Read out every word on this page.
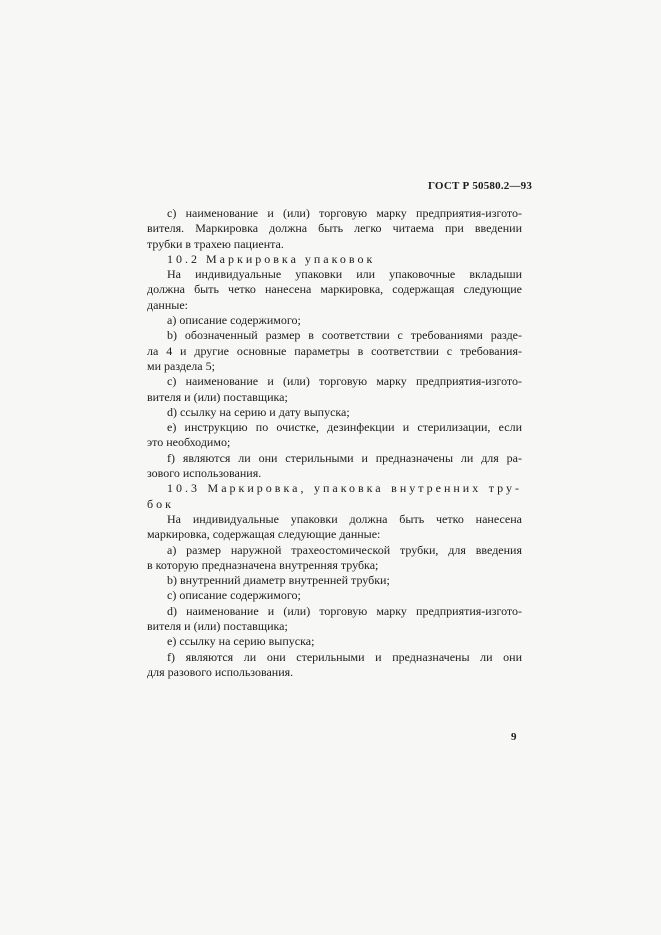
ГОСТ Р 50580.2—93
c) наименование и (или) торговую марку предприятия-изгото-
вителя. Маркировка должна быть легко читаема при введении
трубки в трахею пациента.
10.2 Маркировка упаковок
На индивидуальные упаковки или упаковочные вкладыши
должна быть четко нанесена маркировка, содержащая следующие
данные:
a) описание содержимого;
b) обозначенный размер в соответствии с требованиями разде-
ла 4 и другие основные параметры в соответствии с требования-
ми раздела 5;
c) наименование и (или) торговую марку предприятия-изгото-
вителя и (или) поставщика;
d) ссылку на серию и дату выпуска;
e) инструкцию по очистке, дезинфекции и стерилизации, если
это необходимо;
f) являются ли они стерильными и предназначены ли для ра-
зового использования.
10.3 Маркировка, упаковка внутренних тру-
бок
На индивидуальные упаковки должна быть четко нанесена
маркировка, содержащая следующие данные:
a) размер наружной трахеостомической трубки, для введения
в которую предназначена внутренняя трубка;
b) внутренний диаметр внутренней трубки;
c) описание содержимого;
d) наименование и (или) торговую марку предприятия-изгото-
вителя и (или) поставщика;
e) ссылку на серию выпуска;
f) являются ли они стерильными и предназначены ли они
для разового использования.
9
